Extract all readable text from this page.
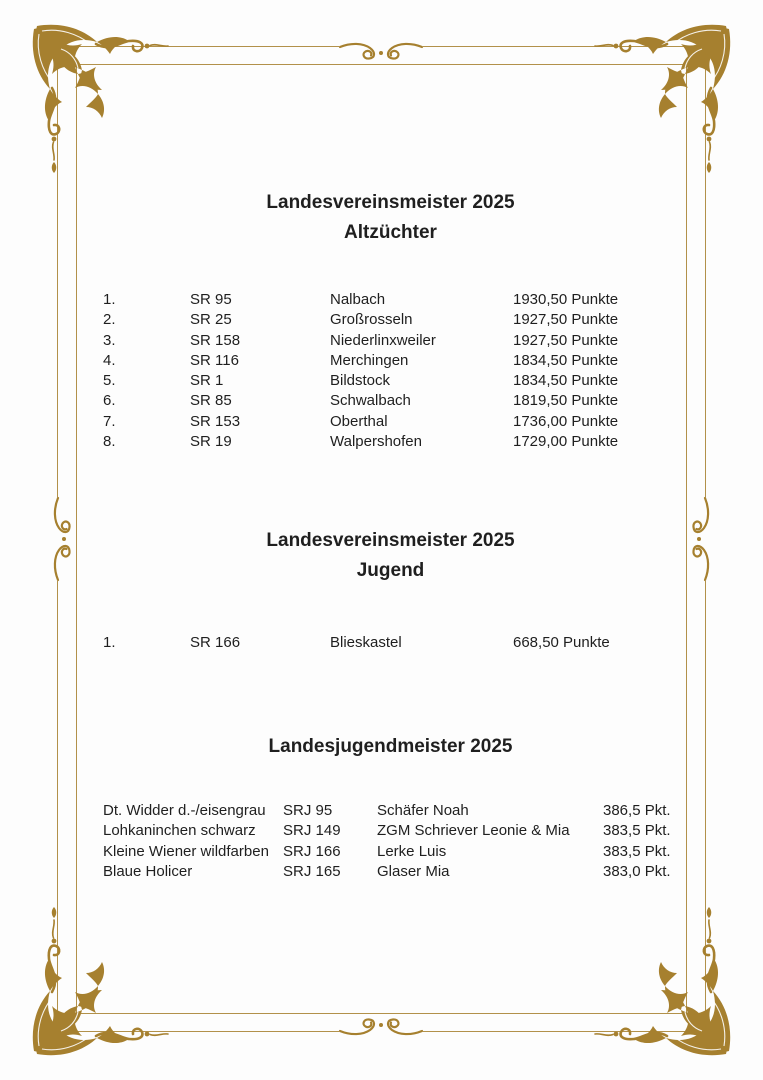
Landesvereinsmeister 2025
Altzüchter
1.	SR 95	Nalbach	1930,50 Punkte
2.	SR 25	Großrosseln	1927,50 Punkte
3.	SR 158	Niederlinxweiler	1927,50 Punkte
4.	SR 116	Merchingen	1834,50 Punkte
5.	SR 1	Bildstock	1834,50 Punkte
6.	SR 85	Schwalbach	1819,50 Punkte
7.	SR 153	Oberthal	1736,00 Punkte
8.	SR 19	Walpershofen	1729,00 Punkte
Landesvereinsmeister 2025
Jugend
1.	SR 166	Blieskastel	668,50 Punkte
Landesjugendmeister 2025
Dt. Widder d.-/eisengrau	SRJ 95	Schäfer Noah	386,5 Pkt.
Lohkaninchen schwarz	SRJ 149	ZGM Schriever Leonie & Mia	383,5 Pkt.
Kleine Wiener wildfarben SRJ 166	Lerke Luis	383,5 Pkt.
Blaue Holicer	SRJ 165	Glaser Mia	383,0 Pkt.
